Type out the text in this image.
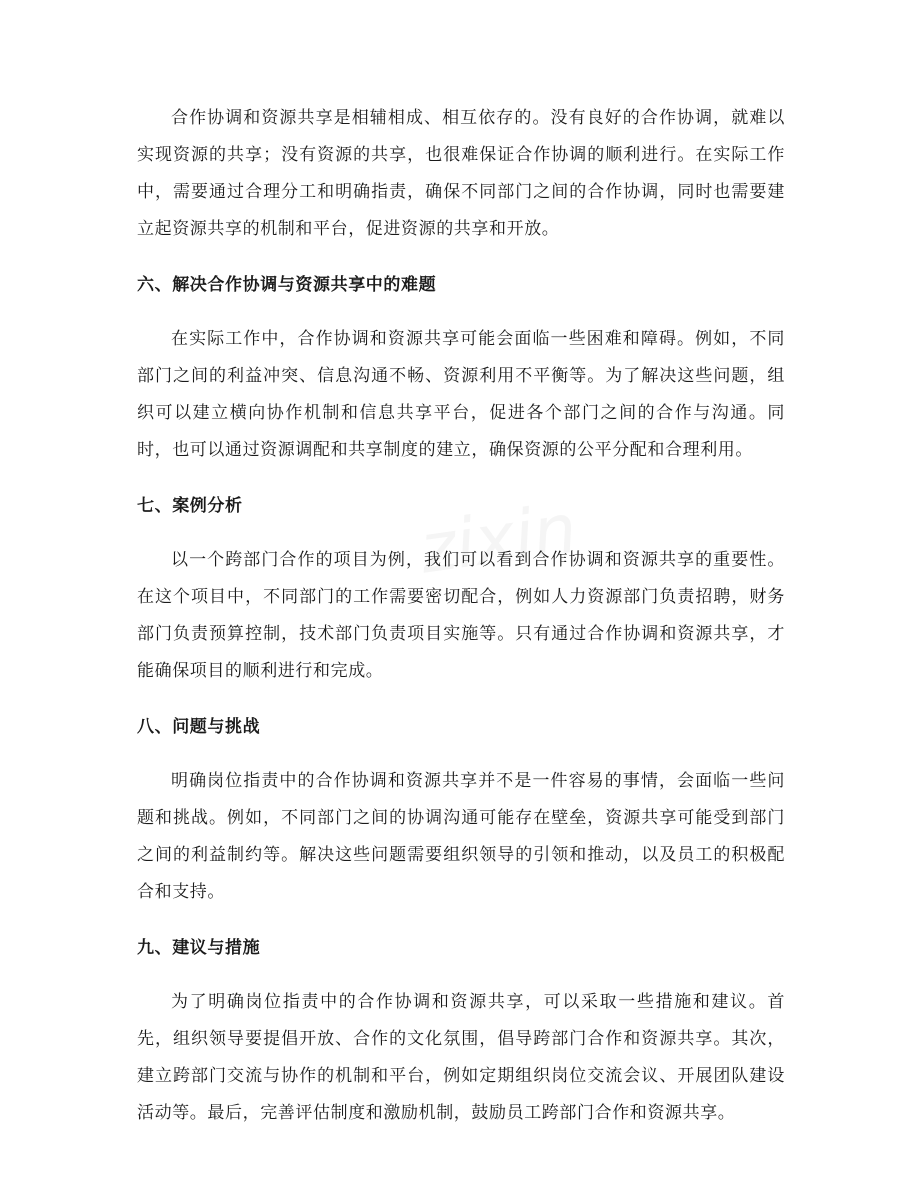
zixin

合作协调和资源共享是相辅相成、相互依存的。没有良好的合作协调，就难以实现资源的共享；没有资源的共享，也很难保证合作协调的顺利进行。在实际工作中，需要通过合理分工和明确指责，确保不同部门之间的合作协调，同时也需要建立起资源共享的机制和平台，促进资源的共享和开放。

六、解决合作协调与资源共享中的难题

在实际工作中，合作协调和资源共享可能会面临一些困难和障碍。例如，不同部门之间的利益冲突、信息沟通不畅、资源利用不平衡等。为了解决这些问题，组织可以建立横向协作机制和信息共享平台，促进各个部门之间的合作与沟通。同时，也可以通过资源调配和共享制度的建立，确保资源的公平分配和合理利用。

七、案例分析

以一个跨部门合作的项目为例，我们可以看到合作协调和资源共享的重要性。在这个项目中，不同部门的工作需要密切配合，例如人力资源部门负责招聘，财务部门负责预算控制，技术部门负责项目实施等。只有通过合作协调和资源共享，才能确保项目的顺利进行和完成。

八、问题与挑战

明确岗位指责中的合作协调和资源共享并不是一件容易的事情，会面临一些问题和挑战。例如，不同部门之间的协调沟通可能存在壁垒，资源共享可能受到部门之间的利益制约等。解决这些问题需要组织领导的引领和推动，以及员工的积极配合和支持。

九、建议与措施

为了明确岗位指责中的合作协调和资源共享，可以采取一些措施和建议。首先，组织领导要提倡开放、合作的文化氛围，倡导跨部门合作和资源共享。其次，建立跨部门交流与协作的机制和平台，例如定期组织岗位交流会议、开展团队建设活动等。最后，完善评估制度和激励机制，鼓励员工跨部门合作和资源共享。
